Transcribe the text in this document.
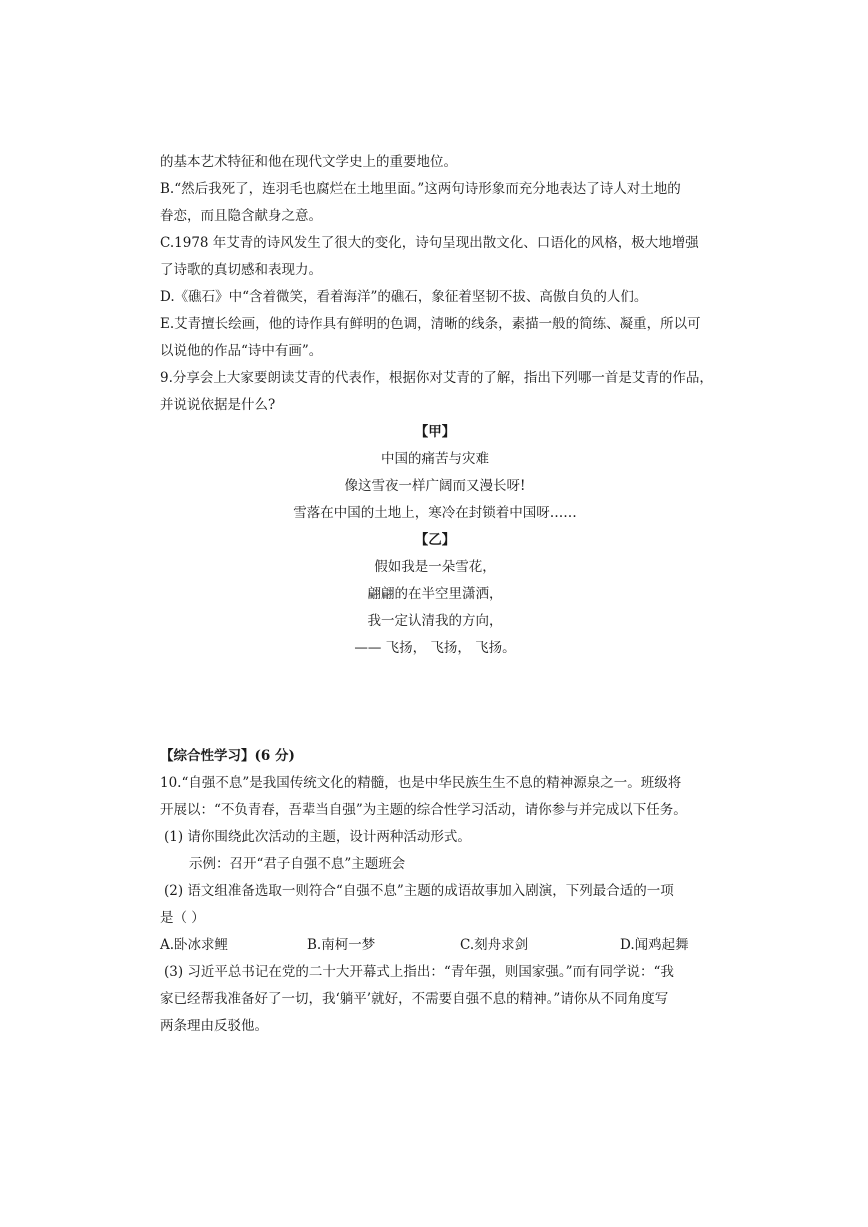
的基本艺术特征和他在现代文学史上的重要地位。
B.“然后我死了，连羽毛也腐烂在土地里面。”这两句诗形象而充分地表达了诗人对土地的
眷恋，而且隐含献身之意。
C.1978 年艾青的诗风发生了很大的变化，诗句呈现出散文化、口语化的风格，极大地增强
了诗歌的真切感和表现力。
D.《礁石》中“含着微笑，看着海洋”的礁石，象征着坚韧不拔、高傲自负的人们。
E.艾青擅长绘画，他的诗作具有鲜明的色调，清晰的线条，素描一般的简练、凝重，所以可
以说他的作品“诗中有画”。
9.分享会上大家要朗读艾青的代表作，根据你对艾青的了解，指出下列哪一首是艾青的作品，
并说说依据是什么?
【甲】
中国的痛苦与灾难
像这雪夜一样广阔而又漫长呀!
雪落在中国的土地上，寒冷在封锁着中国呀……
【乙】
假如我是一朵雪花，
翩翩的在半空里潇洒，
我一定认清我的方向，
—— 飞扬， 飞扬， 飞扬。
【综合性学习】(6 分)
10.“自强不息”是我国传统文化的精髓，也是中华民族生生不息的精神源泉之一。班级将
开展以：“不负青春，吾辈当自强”为主题的综合性学习活动，请你参与并完成以下任务。
(1) 请你围绕此次活动的主题，设计两种活动形式。
示例：召开“君子自强不息”主题班会
(2) 语文组准备选取一则符合“自强不息”主题的成语故事加入剧演，下列最合适的一项
是（ ）
A.卧冰求鲤	B.南柯一梦	C.刻舟求剑	D.闻鸡起舞
(3) 习近平总书记在党的二十大开幕式上指出：“青年强，则国家强。”而有同学说：“我
家已经帮我准备好了一切，我‘躺平’就好，不需要自强不息的精神。”请你从不同角度写
两条理由反驳他。
